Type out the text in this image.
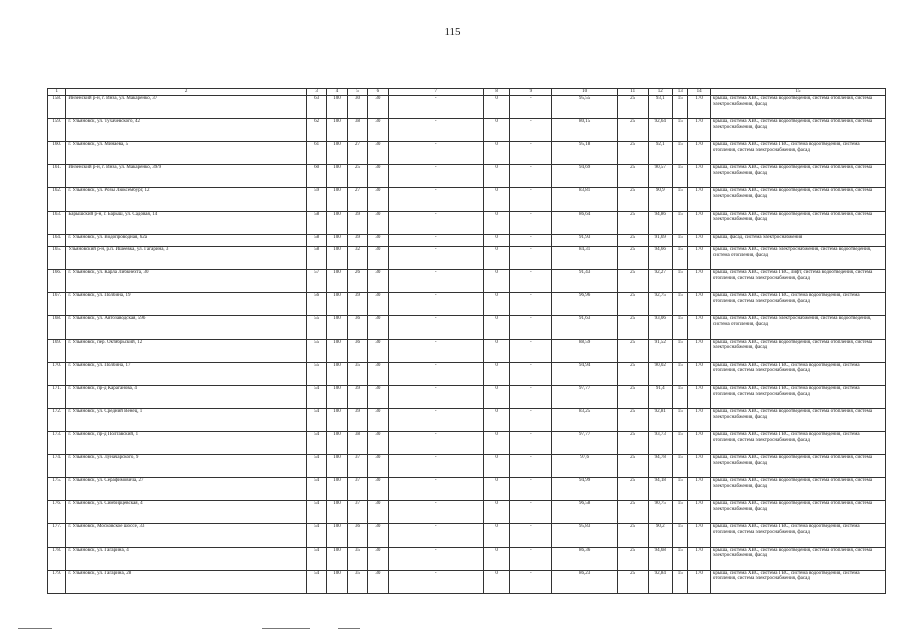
115
1	2	3	4	5	6	7	8	9	10	11	12	13	14	15
158.	Инзенский р-н, г. Инза, ул. Макаренко, 37	63	100	30	30	-	0	-	95,55	25	93,1	15	170	крыша, система ХВС, система водоотведения, система отопления, система электроснабжения, фасад
159.	г. Ульяновск, ул. Тухачевского, 42	62	100	38	30	-	0	-	80,15	25	92,64	15	170	крыша, система ХВС, система водоотведения, система отопления, система электроснабжения, фасад
160.	г. Ульяновск, ул. Минаева, 5	61	100	27	30	-	0	-	95,18	25	92,1	15	170	крыша, система ХВС, система ГВС, система водоотведения, система отопления, система электроснабжения, фасад
161.	Инзенский р-н, г. Инза, ул. Макаренко, 39/9	60	100	25	30	-	0	-	94,69	25	90,57	15	170	крыша, система ХВС, система водоотведения, система отопления, система электроснабжения, фасад
162.	г. Ульяновск, ул. Розы Люксембург, 12	59	100	27	30	-	0	-	83,81	25	90,9	15	170	крыша, система ХВС, система водоотведения, система отопления, система электроснабжения, фасад
163.	Барышский р-н, г. Барыш, ул. Садовая, 14	58	100	39	30	-	0	-	86,64	25	94,86	15	170	крыша, система ХВС, система водоотведения, система отопления, система электроснабжения, фасад
164.	г. Ульяновск, ул. Водопроводная, 62а	58	100	39	30	-	0	-	91,93	25	91,69	15	170	крыша, фасад, система электроснабжения
165.	Ульяновский р-н, р.п. Ишеевка, ул. Гагарина, 3	58	100	32	30	-	0	-	84,31	25	94,66	15	170	крыша, система ХВС, система электроснабжения, система водоотведения, система отопления, фасад
166.	г. Ульяновск, ул. Карла Либкнехта, 30	57	100	26	30	-	0	-	91,43	25	92,27	15	170	крыша, система ХВС, система ГВС, лифт, система водоотведения, система отопления, система электроснабжения, фасад
167.	г. Ульяновск, ул. Полбина, 19	56	100	39	30	-	0	-	96,96	25	92,75	15	170	крыша, система ХВС, система ГВС, система водоотведения, система отопления, система электроснабжения, фасад
168.	г. Ульяновск, ул. Автозаводская, 59б	55	100	36	30	-	0	-	91,63	25	93,06	15	170	крыша, система ХВС, система электроснабжения, система водоотведения, система отопления, фасад
169.	г. Ульяновск, пер. Октябрьский, 12	55	100	36	30	-	0	-	88,59	25	91,52	15	170	крыша, система ХВС, система водоотведения, система отопления, система электроснабжения, фасад
170.	г. Ульяновск, ул. Полбина, 17	55	100	35	30	-	0	-	94,94	25	90,02	15	170	крыша, система ХВС, система ГВС, система водоотведения, система отопления, система электроснабжения, фасад
171.	г. Ульяновск, пр-д Караганова, 4	54	100	39	30	-	0	-	97,77	25	91,4	15	170	крыша, система ХВС, система ГВС, система водоотведения, система отопления, система электроснабжения, фасад
172.	г. Ульяновск, ул. Средний Венец, 1	54	100	39	30	-	0	-	83,25	25	92,81	15	170	крыша, система ХВС, система водоотведения, система отопления, система электроснабжения, фасад
173.	г. Ульяновск, пр-д Полтавский, 1	54	100	38	30	-	0	-	97,77	25	93,73	15	170	крыша, система ХВС, система ГВС, система водоотведения, система отопления, система электроснабжения, фасад
174.	г. Ульяновск, ул. Луначарского, 9	54	100	37	30	-	0	-	97,6	25	94,78	15	170	крыша, система ХВС, система водоотведения, система отопления, система электроснабжения, фасад
175.	г. Ульяновск, ул. Серафимовича, 27	54	100	37	30	-	0	-	94,99	25	94,18	15	170	крыша, система ХВС, система водоотведения, система отопления, система электроснабжения, фасад
176.	г. Ульяновск, ул. Симбирцевская, 4	54	100	37	30	-	0	-	96,58	25	90,75	15	170	крыша, система ХВС, система водоотведения, система отопления, система электроснабжения, фасад
177.	г. Ульяновск, Московское шоссе, 33	54	100	36	30	-	0	-	95,83	25	90,2	15	170	крыша, система ХВС, система ГВС, система водоотведения, система отопления, система электроснабжения, фасад
178.	г. Ульяновск, ул. Гагарина, 4	54	100	35	30	-	0	-	86,36	25	94,68	15	170	крыша, система ХВС, система водоотведения, система отопления, система электроснабжения, фасад
179.	г. Ульяновск, ул. Гагарина, 28	54	100	35	30	-	0	-	86,23	25	92,84	15	170	крыша, система ХВС, система ГВС, система водоотведения, система отопления, система электроснабжения, фасад
